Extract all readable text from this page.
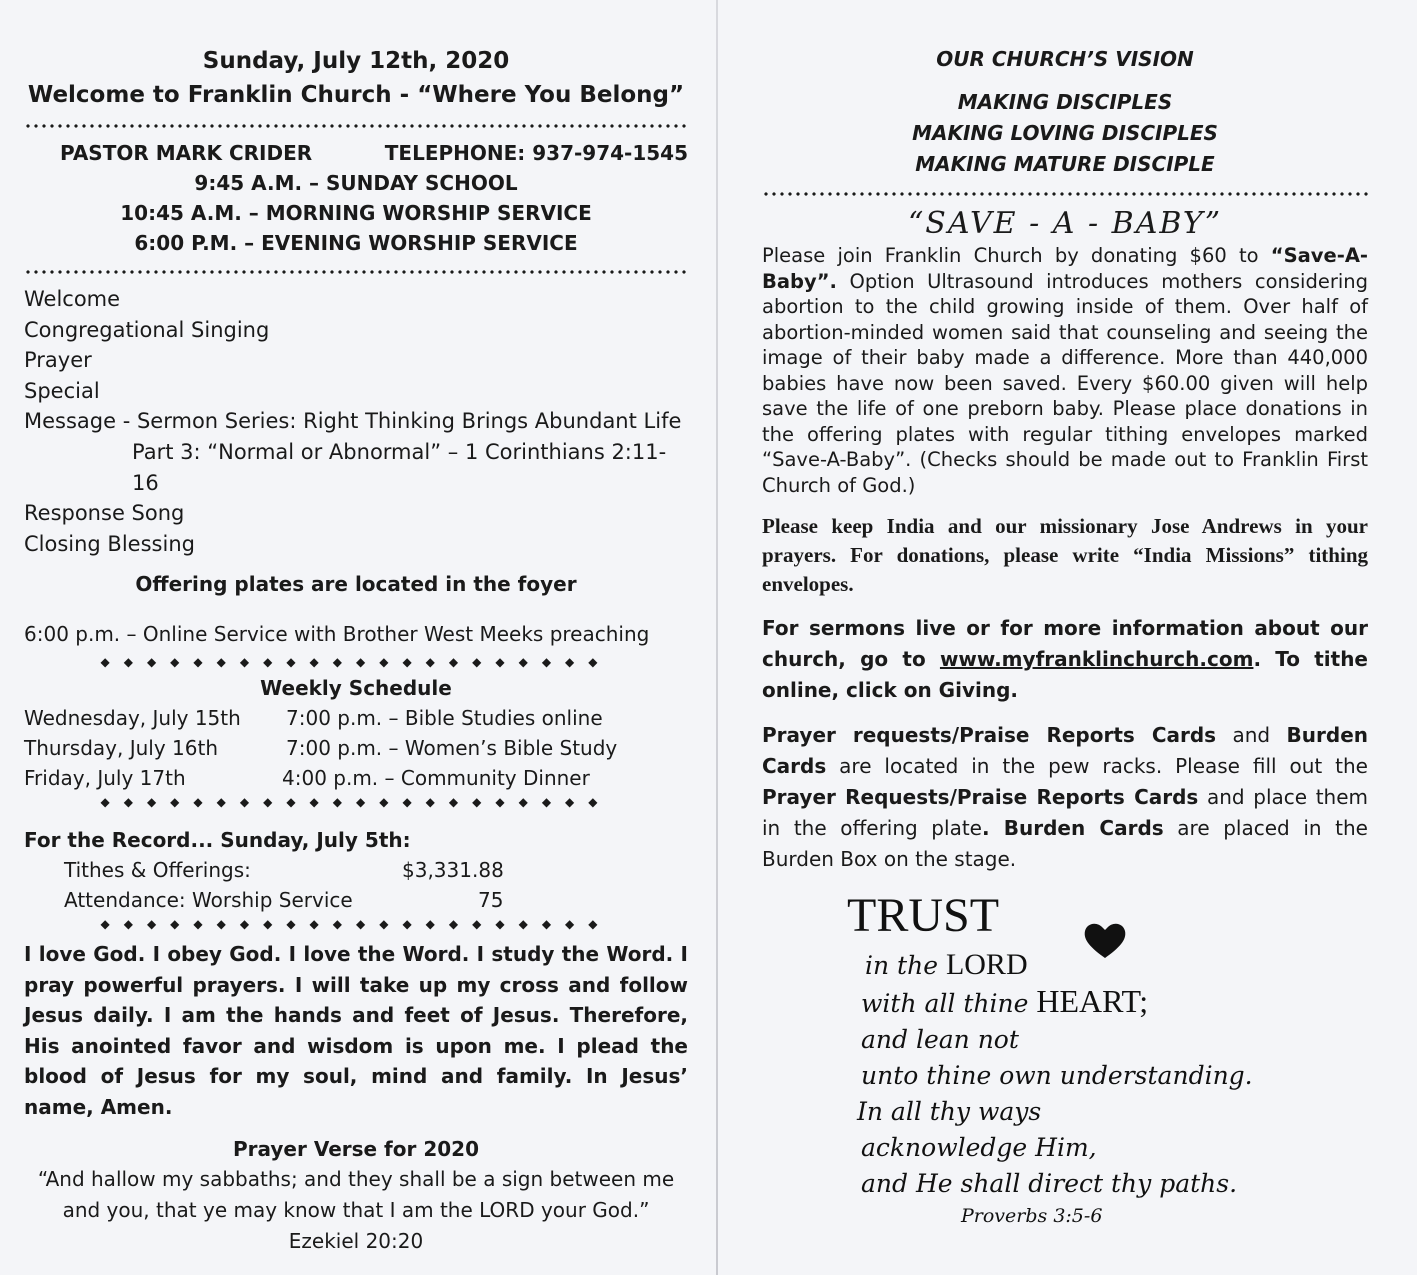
Sunday, July 12th, 2020
Welcome to Franklin Church - “Where You Belong”
PASTOR MARK CRIDER	TELEPHONE: 937-974-1545
9:45 A.M. – SUNDAY SCHOOL
10:45 A.M. – MORNING WORSHIP SERVICE
6:00 P.M. – EVENING WORSHIP SERVICE
Welcome
Congregational Singing
Prayer
Special
Message - Sermon Series: Right Thinking Brings Abundant Life
Part 3: “Normal or Abnormal” – 1 Corinthians 2:11-16
Response Song
Closing Blessing
Offering plates are located in the foyer
6:00 p.m. – Online Service with Brother West Meeks preaching
◆◆◆◆◆◆◆◆◆◆◆◆◆◆◆◆◆◆◆◆◆◆
Weekly Schedule
Wednesday, July 15th	7:00 p.m. – Bible Studies online
Thursday, July 16th	7:00 p.m. – Women’s Bible Study
Friday, July 17th	4:00 p.m. – Community Dinner
◆◆◆◆◆◆◆◆◆◆◆◆◆◆◆◆◆◆◆◆◆◆
For the Record... Sunday, July 5th:
Tithes & Offerings:	$3,331.88
Attendance: Worship Service	75
◆◆◆◆◆◆◆◆◆◆◆◆◆◆◆◆◆◆◆◆◆◆
I love God. I obey God. I love the Word. I study the Word. I pray powerful prayers. I will take up my cross and follow Jesus daily. I am the hands and feet of Jesus. Therefore, His anointed favor and wisdom is upon me. I plead the blood of Jesus for my soul, mind and family. In Jesus’ name, Amen.
Prayer Verse for 2020
“And hallow my sabbaths; and they shall be a sign between me
and you, that ye may know that I am the LORD your God.”
Ezekiel 20:20
OUR CHURCH’S VISION
MAKING DISCIPLES
MAKING LOVING DISCIPLES
MAKING MATURE DISCIPLE
“SAVE - A - BABY”
Please join Franklin Church by donating $60 to “Save-A-Baby”. Option Ultrasound introduces mothers considering abortion to the child growing inside of them. Over half of abortion-minded women said that counseling and seeing the image of their baby made a difference. More than 440,000 babies have now been saved. Every $60.00 given will help save the life of one preborn baby. Please place donations in the offering plates with regular tithing envelopes marked “Save-A-Baby”. (Checks should be made out to Franklin First Church of God.)
Please keep India and our missionary Jose Andrews in your prayers. For donations, please write “India Missions” tithing envelopes.
For sermons live or for more information about our church, go to www.myfranklinchurch.com. To tithe online, click on Giving.
Prayer requests/Praise Reports Cards and Burden Cards are located in the pew racks. Please fill out the Prayer Requests/Praise Reports Cards and place them in the offering plate. Burden Cards are placed in the Burden Box on the stage.
TRUST
in the LORD
with all thine HEART;
and lean not
unto thine own understanding.
In all thy ways
acknowledge Him,
and He shall direct thy paths.
Proverbs 3:5-6
